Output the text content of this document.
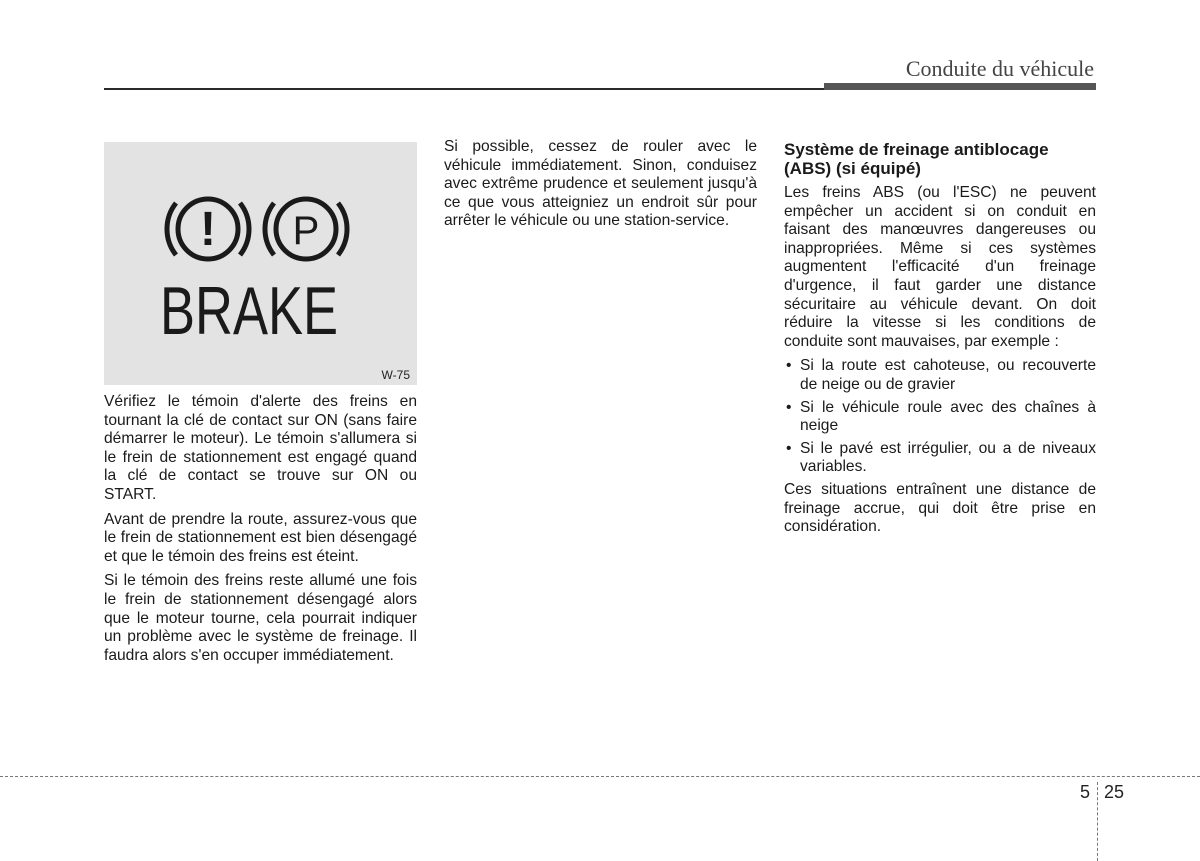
Conduite du véhicule
! P
BRAKE
W-75

Vérifiez le témoin d'alerte des freins en tournant la clé de contact sur ON (sans faire démarrer le moteur). Le témoin s'allumera si le frein de stationnement est engagé quand la clé de contact se trouve sur ON ou START.

Avant de prendre la route, assurez-vous que le frein de stationnement est bien désengagé et que le témoin des freins est éteint.

Si le témoin des freins reste allumé une fois le frein de stationnement désengagé alors que le moteur tourne, cela pourrait indiquer un problème avec le système de freinage. Il faudra alors s'en occuper immédiatement.

Si possible, cessez de rouler avec le véhicule immédiatement. Sinon, conduisez avec extrême prudence et seulement jusqu'à ce que vous atteigniez un endroit sûr pour arrêter le véhicule ou une station-service.

Système de freinage antiblocage (ABS) (si équipé)

Les freins ABS (ou l'ESC) ne peuvent empêcher un accident si on conduit en faisant des manœuvres dangereuses ou inappropriées. Même si ces systèmes augmentent l'efficacité d'un freinage d'urgence, il faut garder une distance sécuritaire au véhicule devant. On doit réduire la vitesse si les conditions de conduite sont mauvaises, par exemple :

• Si la route est cahoteuse, ou recouverte de neige ou de gravier
• Si le véhicule roule avec des chaînes à neige
• Si le pavé est irrégulier, ou a de niveaux variables.

Ces situations entraînent une distance de freinage accrue, qui doit être prise en considération.

5 25
